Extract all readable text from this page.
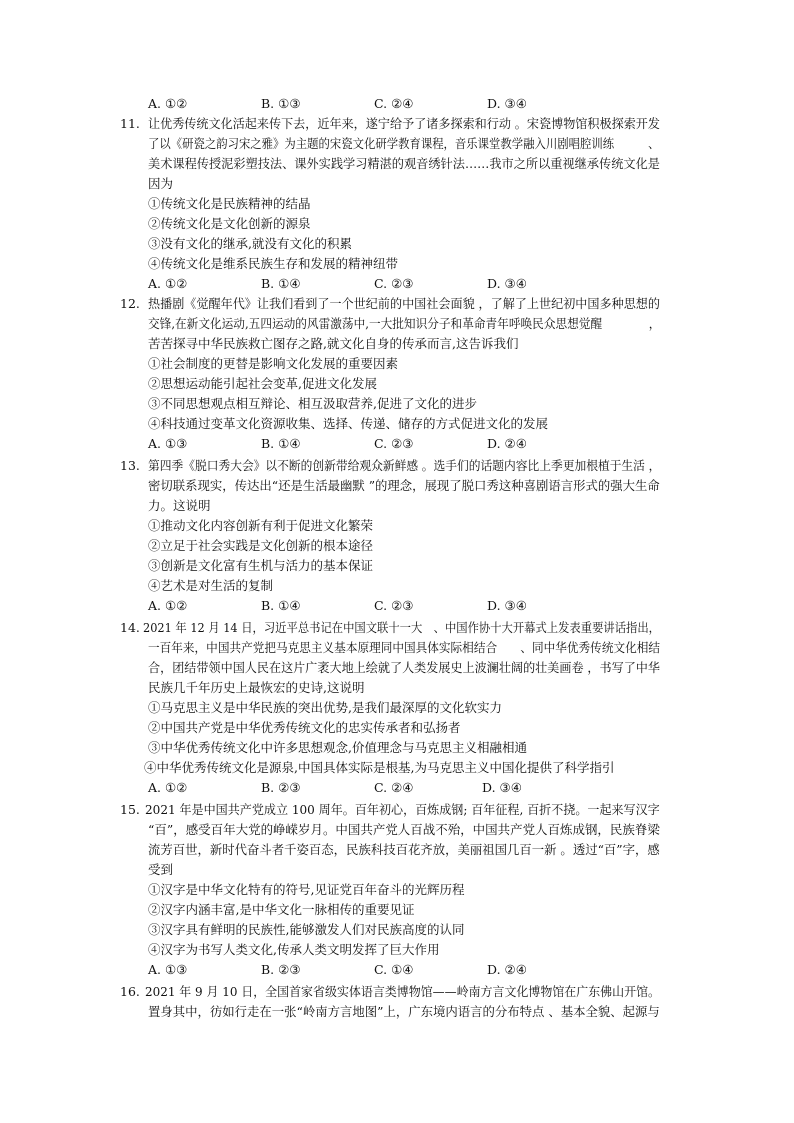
A. ①②	B. ①③	C. ②④	D. ③④
11. 让优秀传统文化活起来传下去，近年来，遂宁给予了诸多探索和行动 。宋瓷博物馆积极探索开发
了以《研瓷之韵习宋之雅》为主题的宋瓷文化研学教育课程，音乐课堂教学融入川剧唱腔训练　　　、
美术课程传授泥彩塑技法、课外实践学习精湛的观音绣针法……我市之所以重视继承传统文化是
因为
①传统文化是民族精神的结晶
②传统文化是文化创新的源泉
③没有文化的继承,就没有文化的积累
④传统文化是维系民族生存和发展的精神纽带
A. ①②	B. ①④	C. ②③	D. ③④
12. 热播剧《觉醒年代》让我们看到了一个世纪前的中国社会面貌 ，了解了上世纪初中国多种思想的
交锋,在新文化运动,五四运动的风雷激荡中,一大批知识分子和革命青年呼唤民众思想觉醒　　　　，
苦苦探寻中华民族救亡图存之路,就文化自身的传承而言,这告诉我们
①社会制度的更替是影响文化发展的重要因素
②思想运动能引起社会变革,促进文化发展
③不同思想观点相互辩论、相互汲取营养,促进了文化的进步
④科技通过变革文化资源收集、选择、传递、储存的方式促进文化的发展
A. ①③	B. ①④	C. ②③	D. ②④
13. 第四季《脱口秀大会》以不断的创新带给观众新鲜感 。选手们的话题内容比上季更加根植于生活 ，
密切联系现实，传达出“还是生活最幽默 ”的理念，展现了脱口秀这种喜剧语言形式的强大生命
力。这说明
①推动文化内容创新有利于促进文化繁荣
②立足于社会实践是文化创新的根本途径
③创新是文化富有生机与活力的基本保证
④艺术是对生活的复制
A. ①②	B. ①④	C. ②③	D. ③④
14. 2021 年 12 月 14 日，习近平总书记在中国文联十一大　、中国作协十大开幕式上发表重要讲话指出，
一百年来，中国共产党把马克思主义基本原理同中国具体实际相结合　　、同中华优秀传统文化相结
合，团结带领中国人民在这片广袤大地上绘就了人类发展史上波澜壮阔的壮美画卷 ，书写了中华
民族几千年历史上最恢宏的史诗,这说明
①马克思主义是中华民族的突出优势,是我们最深厚的文化软实力
②中国共产党是中华优秀传统文化的忠实传承者和弘扬者
③中华优秀传统文化中许多思想观念,价值理念与马克思主义相融相通
④中华优秀传统文化是源泉,中国具体实际是根基,为马克思主义中国化提供了科学指引
A. ①②	B. ②③	C. ②④	D. ③④
15. 2021 年是中国共产党成立 100 周年。百年初心，百炼成钢; 百年征程, 百折不挠。一起来写汉字
“百”，感受百年大党的峥嵘岁月。中国共产党人百战不殆，中国共产党人百炼成钢，民族脊梁
流芳百世，新时代奋斗者千姿百态，民族科技百花齐放，美丽祖国几百一新 。透过“百”字，感
受到
①汉字是中华文化特有的符号,见证党百年奋斗的光辉历程
②汉字内涵丰富,是中华文化一脉相传的重要见证
③汉字具有鲜明的民族性,能够激发人们对民族高度的认同
④汉字为书写人类文化,传承人类文明发挥了巨大作用
A. ①③	B. ②③	C. ①④	D. ②④
16. 2021 年 9 月 10 日，全国首家省级实体语言类博物馆——岭南方言文化博物馆在广东佛山开馆。
置身其中，彷如行走在一张“岭南方言地图”上，广东境内语言的分布特点 、基本全貌、起源与
